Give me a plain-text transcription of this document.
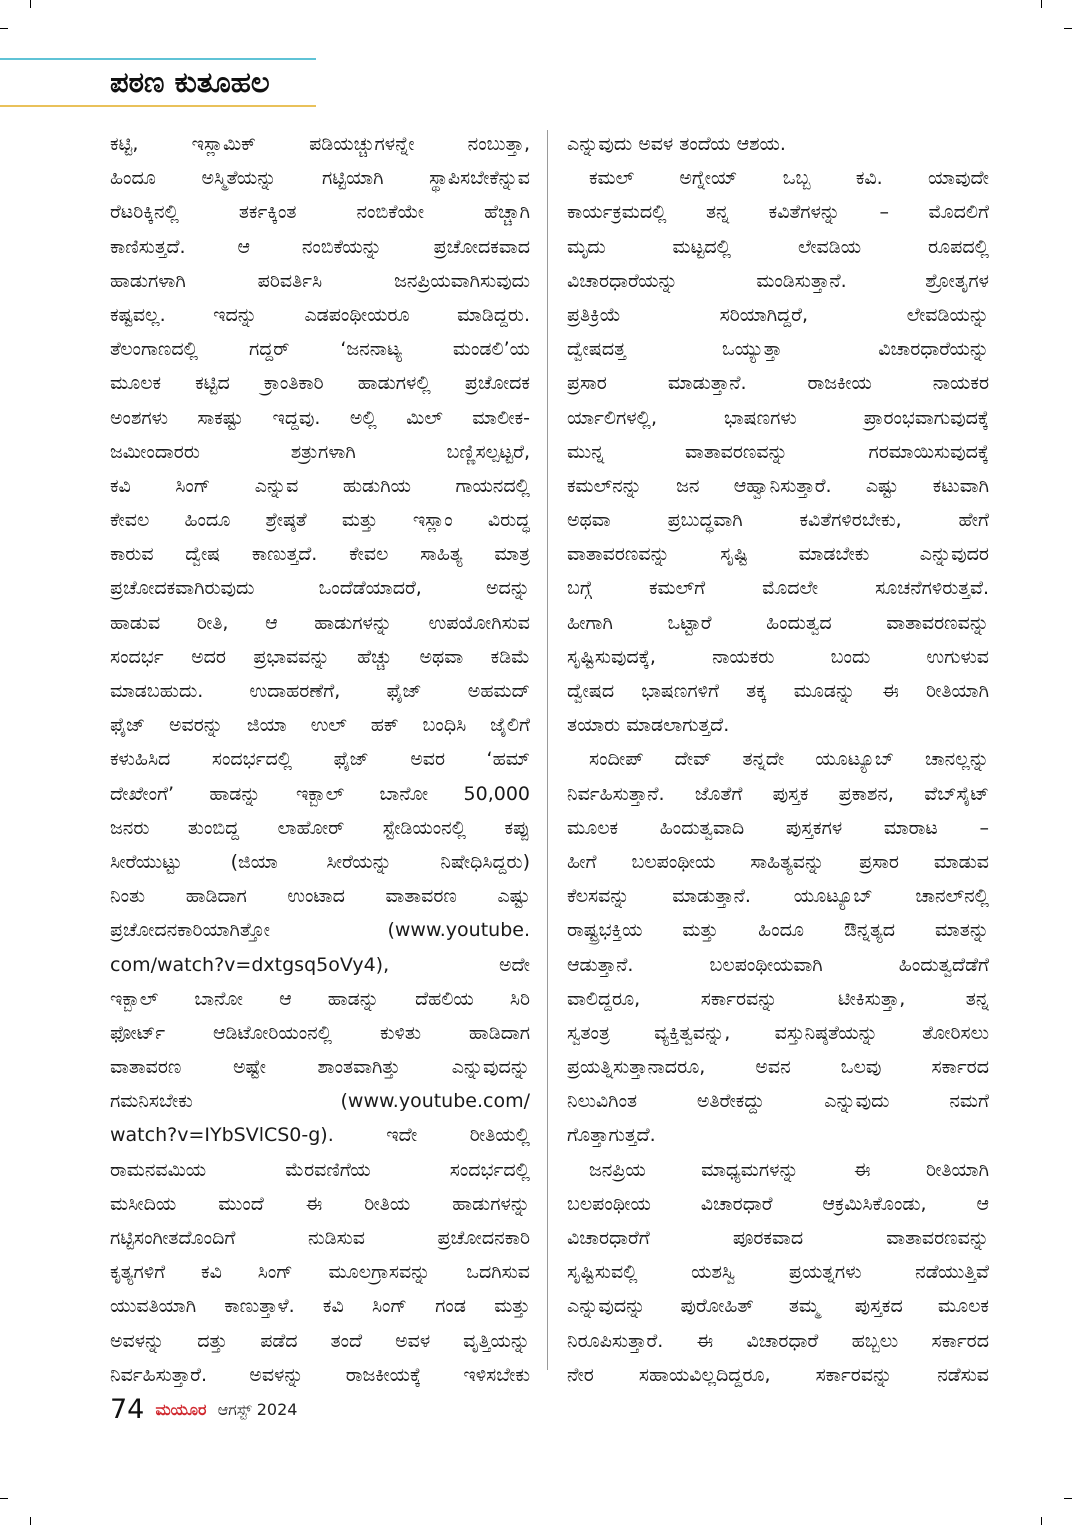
ಪಠಣ ಕುತೂಹಲ
ಕಟ್ಟಿ, ಇಸ್ಲಾಮಿಕ್ ಪಡಿಯಚ್ಚುಗಳನ್ನೇ ನಂಬುತ್ತಾ,
ಹಿಂದೂ ಅಸ್ಮಿತೆಯನ್ನು ಗಟ್ಟಿಯಾಗಿ ಸ್ಥಾಪಿಸಬೇಕೆನ್ನುವ
ರೆಟರಿಕ್ಕಿನಲ್ಲಿ ತರ್ಕಕ್ಕಿಂತ ನಂಬಿಕೆಯೇ ಹೆಚ್ಚಾಗಿ
ಕಾಣಿಸುತ್ತದೆ. ಆ ನಂಬಿಕೆಯನ್ನು ಪ್ರಚೋದಕವಾದ
ಹಾಡುಗಳಾಗಿ ಪರಿವರ್ತಿಸಿ ಜನಪ್ರಿಯವಾಗಿಸುವುದು
ಕಷ್ಟವಲ್ಲ. ಇದನ್ನು ಎಡಪಂಥೀಯರೂ ಮಾಡಿದ್ದರು.
ತೆಲಂಗಾಣದಲ್ಲಿ ಗದ್ದರ್ ‘ಜನನಾಟ್ಯ ಮಂಡಲಿ’ಯ
ಮೂಲಕ ಕಟ್ಟಿದ ಕ್ರಾಂತಿಕಾರಿ ಹಾಡುಗಳಲ್ಲಿ ಪ್ರಚೋದಕ
ಅಂಶಗಳು ಸಾಕಷ್ಟು ಇದ್ದವು. ಅಲ್ಲಿ ಮಿಲ್ ಮಾಲೀಕ-
ಜಮೀಂದಾರರು ಶತ್ರುಗಳಾಗಿ ಬಣ್ಣಿಸಲ್ಪಟ್ಟರೆ,
ಕವಿ ಸಿಂಗ್ ಎನ್ನುವ ಹುಡುಗಿಯ ಗಾಯನದಲ್ಲಿ
ಕೇವಲ ಹಿಂದೂ ಶ್ರೇಷ್ಠತೆ ಮತ್ತು ಇಸ್ಲಾಂ ವಿರುದ್ಧ
ಕಾರುವ ದ್ವೇಷ ಕಾಣುತ್ತದೆ. ಕೇವಲ ಸಾಹಿತ್ಯ ಮಾತ್ರ
ಪ್ರಚೋದಕವಾಗಿರುವುದು ಒಂದೆಡೆಯಾದರೆ, ಅದನ್ನು
ಹಾಡುವ ರೀತಿ, ಆ ಹಾಡುಗಳನ್ನು ಉಪಯೋಗಿಸುವ
ಸಂದರ್ಭ ಅದರ ಪ್ರಭಾವವನ್ನು ಹೆಚ್ಚು ಅಥವಾ ಕಡಿಮೆ
ಮಾಡಬಹುದು. ಉದಾಹರಣೆಗೆ, ಫೈಜ್ ಅಹಮದ್
ಫೈಜ್ ಅವರನ್ನು ಜಿಯಾ ಉಲ್ ಹಕ್ ಬಂಧಿಸಿ ಜೈಲಿಗೆ
ಕಳುಹಿಸಿದ ಸಂದರ್ಭದಲ್ಲಿ ಫೈಜ್ ಅವರ ‘ಹಮ್
ದೇಖೇಂಗೆ’ ಹಾಡನ್ನು ಇಕ್ಬಾಲ್ ಬಾನೋ 50,000
ಜನರು ತುಂಬಿದ್ದ ಲಾಹೋರ್ ಸ್ಟೇಡಿಯಂನಲ್ಲಿ ಕಪ್ಪು
ಸೀರೆಯುಟ್ಟು (ಜಿಯಾ ಸೀರೆಯನ್ನು ನಿಷೇಧಿಸಿದ್ದರು)
ನಿಂತು ಹಾಡಿದಾಗ ಉಂಟಾದ ವಾತಾವರಣ ಎಷ್ಟು
ಪ್ರಚೋದನಕಾರಿಯಾಗಿತ್ತೋ (www.youtube.
com/watch?v=dxtgsq5oVy4), ಅದೇ
ಇಕ್ಬಾಲ್ ಬಾನೋ ಆ ಹಾಡನ್ನು ದೆಹಲಿಯ ಸಿರಿ
ಫೋರ್ಟ್ ಆಡಿಟೋರಿಯಂನಲ್ಲಿ ಕುಳಿತು ಹಾಡಿದಾಗ
ವಾತಾವರಣ ಅಷ್ಟೇ ಶಾಂತವಾಗಿತ್ತು ಎನ್ನುವುದನ್ನು
ಗಮನಿಸಬೇಕು (www.youtube.com/
watch?v=IYbSVlCS0-g). ಇದೇ ರೀತಿಯಲ್ಲಿ
ರಾಮನವಮಿಯ ಮೆರವಣಿಗೆಯ ಸಂದರ್ಭದಲ್ಲಿ
ಮಸೀದಿಯ ಮುಂದೆ ಈ ರೀತಿಯ ಹಾಡುಗಳನ್ನು
ಗಟ್ಟಿಸಂಗೀತದೊಂದಿಗೆ ನುಡಿಸುವ ಪ್ರಚೋದನಕಾರಿ
ಕೃತ್ಯಗಳಿಗೆ ಕವಿ ಸಿಂಗ್ ಮೂಲಗ್ರಾಸವನ್ನು ಒದಗಿಸುವ
ಯುವತಿಯಾಗಿ ಕಾಣುತ್ತಾಳೆ. ಕವಿ ಸಿಂಗ್ ಗಂಡ ಮತ್ತು
ಅವಳನ್ನು ದತ್ತು ಪಡೆದ ತಂದೆ ಅವಳ ವೃತ್ತಿಯನ್ನು
ನಿರ್ವಹಿಸುತ್ತಾರೆ. ಅವಳನ್ನು ರಾಜಕೀಯಕ್ಕೆ ಇಳಿಸಬೇಕು
ಎನ್ನುವುದು ಅವಳ ತಂದೆಯ ಆಶಯ.
ಕಮಲ್ ಅಗ್ನೇಯ್ ಒಬ್ಬ ಕವಿ. ಯಾವುದೇ
ಕಾರ್ಯಕ್ರಮದಲ್ಲಿ ತನ್ನ ಕವಿತೆಗಳನ್ನು – ಮೊದಲಿಗೆ
ಮೃದು ಮಟ್ಟದಲ್ಲಿ ಲೇವಡಿಯ ರೂಪದಲ್ಲಿ
ವಿಚಾರಧಾರೆಯನ್ನು ಮಂಡಿಸುತ್ತಾನೆ. ಶ್ರೋತೃಗಳ
ಪ್ರತಿಕ್ರಿಯೆ ಸರಿಯಾಗಿದ್ದರೆ, ಲೇವಡಿಯನ್ನು
ದ್ವೇಷದತ್ತ ಒಯ್ಯುತ್ತಾ ವಿಚಾರಧಾರೆಯನ್ನು
ಪ್ರಸಾರ ಮಾಡುತ್ತಾನೆ. ರಾಜಕೀಯ ನಾಯಕರ
ರ್ಯಾಲಿಗಳಲ್ಲಿ, ಭಾಷಣಗಳು ಪ್ರಾರಂಭವಾಗುವುದಕ್ಕೆ
ಮುನ್ನ ವಾತಾವರಣವನ್ನು ಗರಮಾಯಿಸುವುದಕ್ಕೆ
ಕಮಲ್‌ನನ್ನು ಜನ ಆಹ್ವಾನಿಸುತ್ತಾರೆ. ಎಷ್ಟು ಕಟುವಾಗಿ
ಅಥವಾ ಪ್ರಬುದ್ಧವಾಗಿ ಕವಿತೆಗಳಿರಬೇಕು, ಹೇಗೆ
ವಾತಾವರಣವನ್ನು ಸೃಷ್ಟಿ ಮಾಡಬೇಕು ಎನ್ನುವುದರ
ಬಗ್ಗೆ ಕಮಲ್‌ಗೆ ಮೊದಲೇ ಸೂಚನೆಗಳಿರುತ್ತವೆ.
ಹೀಗಾಗಿ ಒಟ್ಟಾರೆ ಹಿಂದುತ್ವದ ವಾತಾವರಣವನ್ನು
ಸೃಷ್ಟಿಸುವುದಕ್ಕೆ, ನಾಯಕರು ಬಂದು ಉಗುಳುವ
ದ್ವೇಷದ ಭಾಷಣಗಳಿಗೆ ತಕ್ಕ ಮೂಡನ್ನು ಈ ರೀತಿಯಾಗಿ
ತಯಾರು ಮಾಡಲಾಗುತ್ತದೆ.
ಸಂದೀಪ್ ದೇವ್ ತನ್ನದೇ ಯೂಟ್ಯೂಬ್ ಚಾನಲ್ಲನ್ನು
ನಿರ್ವಹಿಸುತ್ತಾನೆ. ಜೊತೆಗೆ ಪುಸ್ತಕ ಪ್ರಕಾಶನ, ವೆಬ್‌ಸೈಟ್
ಮೂಲಕ ಹಿಂದುತ್ವವಾದಿ ಪುಸ್ತಕಗಳ ಮಾರಾಟ –
ಹೀಗೆ ಬಲಪಂಥೀಯ ಸಾಹಿತ್ಯವನ್ನು ಪ್ರಸಾರ ಮಾಡುವ
ಕೆಲಸವನ್ನು ಮಾಡುತ್ತಾನೆ. ಯೂಟ್ಯೂಬ್ ಚಾನಲ್‌ನಲ್ಲಿ
ರಾಷ್ಟ್ರಭಕ್ತಿಯ ಮತ್ತು ಹಿಂದೂ ಔನ್ನತ್ಯದ ಮಾತನ್ನು
ಆಡುತ್ತಾನೆ. ಬಲಪಂಥೀಯವಾಗಿ ಹಿಂದುತ್ವದೆಡೆಗೆ
ವಾಲಿದ್ದರೂ, ಸರ್ಕಾರವನ್ನು ಟೀಕಿಸುತ್ತಾ, ತನ್ನ
ಸ್ವತಂತ್ರ ವ್ಯಕ್ತಿತ್ವವನ್ನು, ವಸ್ತುನಿಷ್ಠತೆಯನ್ನು ತೋರಿಸಲು
ಪ್ರಯತ್ನಿಸುತ್ತಾನಾದರೂ, ಅವನ ಒಲವು ಸರ್ಕಾರದ
ನಿಲುವಿಗಿಂತ ಅತಿರೇಕದ್ದು ಎನ್ನುವುದು ನಮಗೆ
ಗೊತ್ತಾಗುತ್ತದೆ.
ಜನಪ್ರಿಯ ಮಾಧ್ಯಮಗಳನ್ನು ಈ ರೀತಿಯಾಗಿ
ಬಲಪಂಥೀಯ ವಿಚಾರಧಾರೆ ಆಕ್ರಮಿಸಿಕೊಂಡು, ಆ
ವಿಚಾರಧಾರೆಗೆ ಪೂರಕವಾದ ವಾತಾವರಣವನ್ನು
ಸೃಷ್ಟಿಸುವಲ್ಲಿ ಯಶಸ್ವಿ ಪ್ರಯತ್ನಗಳು ನಡೆಯುತ್ತಿವೆ
ಎನ್ನುವುದನ್ನು ಪುರೋಹಿತ್ ತಮ್ಮ ಪುಸ್ತಕದ ಮೂಲಕ
ನಿರೂಪಿಸುತ್ತಾರೆ. ಈ ವಿಚಾರಧಾರೆ ಹಬ್ಬಲು ಸರ್ಕಾರದ
ನೇರ ಸಹಾಯವಿಲ್ಲದಿದ್ದರೂ, ಸರ್ಕಾರವನ್ನು ನಡೆಸುವ
74 ಮಯೂರ ಆಗಸ್ಟ್ 2024
